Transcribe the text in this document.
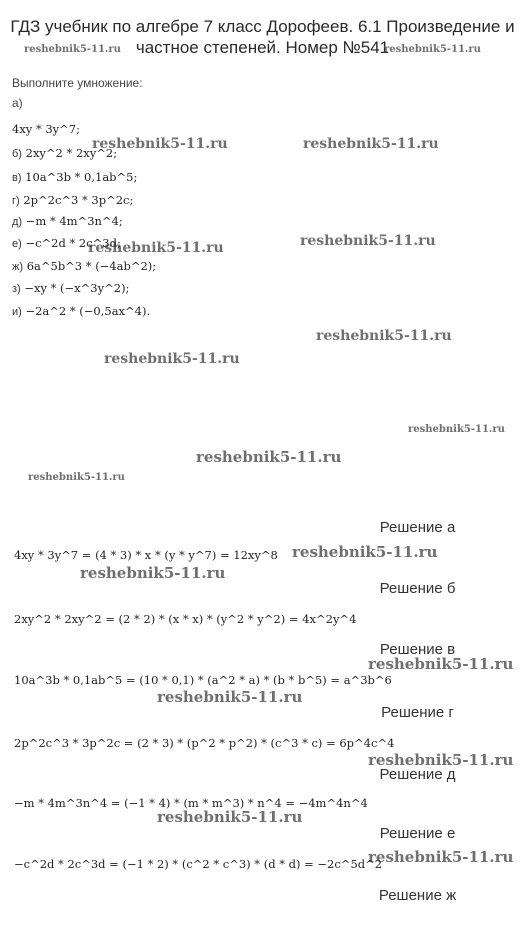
ГДЗ учебник по алгебре 7 класс Дорофеев. 6.1 Произведение и частное степеней. Номер №541
reshebnik5-11.ru	reshebnik5-11.ru
reshebnik5-11.ru	reshebnik5-11.ru
reshebnik5-11.ru	reshebnik5-11.ru
reshebnik5-11.ru
reshebnik5-11.ru
reshebnik5-11.ru
reshebnik5-11.ru
reshebnik5-11.ru
reshebnik5-11.ru
reshebnik5-11.ru
reshebnik5-11.ru
reshebnik5-11.ru
reshebnik5-11.ru
reshebnik5-11.ru
reshebnik5-11.ru
Выполните умножение:
а)
4xy * 3y^7;
б) 2xy^2 * 2xy^2;
в) 10a^3b * 0,1ab^5;
г) 2p^2c^3 * 3p^2c;
д) −m * 4m^3n^4;
е) −c^2d * 2c^3d;
ж) 6a^5b^3 * (−4ab^2);
з) −xy * (−x^3y^2);
и) −2a^2 * (−0,5ax^4).
Решение а
4xy * 3y^7 = (4 * 3) * x * (y * y^7) = 12xy^8
Решение б
2xy^2 * 2xy^2 = (2 * 2) * (x * x) * (y^2 * y^2) = 4x^2y^4
Решение в
10a^3b * 0,1ab^5 = (10 * 0,1) * (a^2 * a) * (b * b^5) = a^3b^6
Решение г
2p^2c^3 * 3p^2c = (2 * 3) * (p^2 * p^2) * (c^3 * c) = 6p^4c^4
Решение д
−m * 4m^3n^4 = (−1 * 4) * (m * m^3) * n^4 = −4m^4n^4
Решение е
−c^2d * 2c^3d = (−1 * 2) * (c^2 * c^3) * (d * d) = −2c^5d^2
Решение ж
